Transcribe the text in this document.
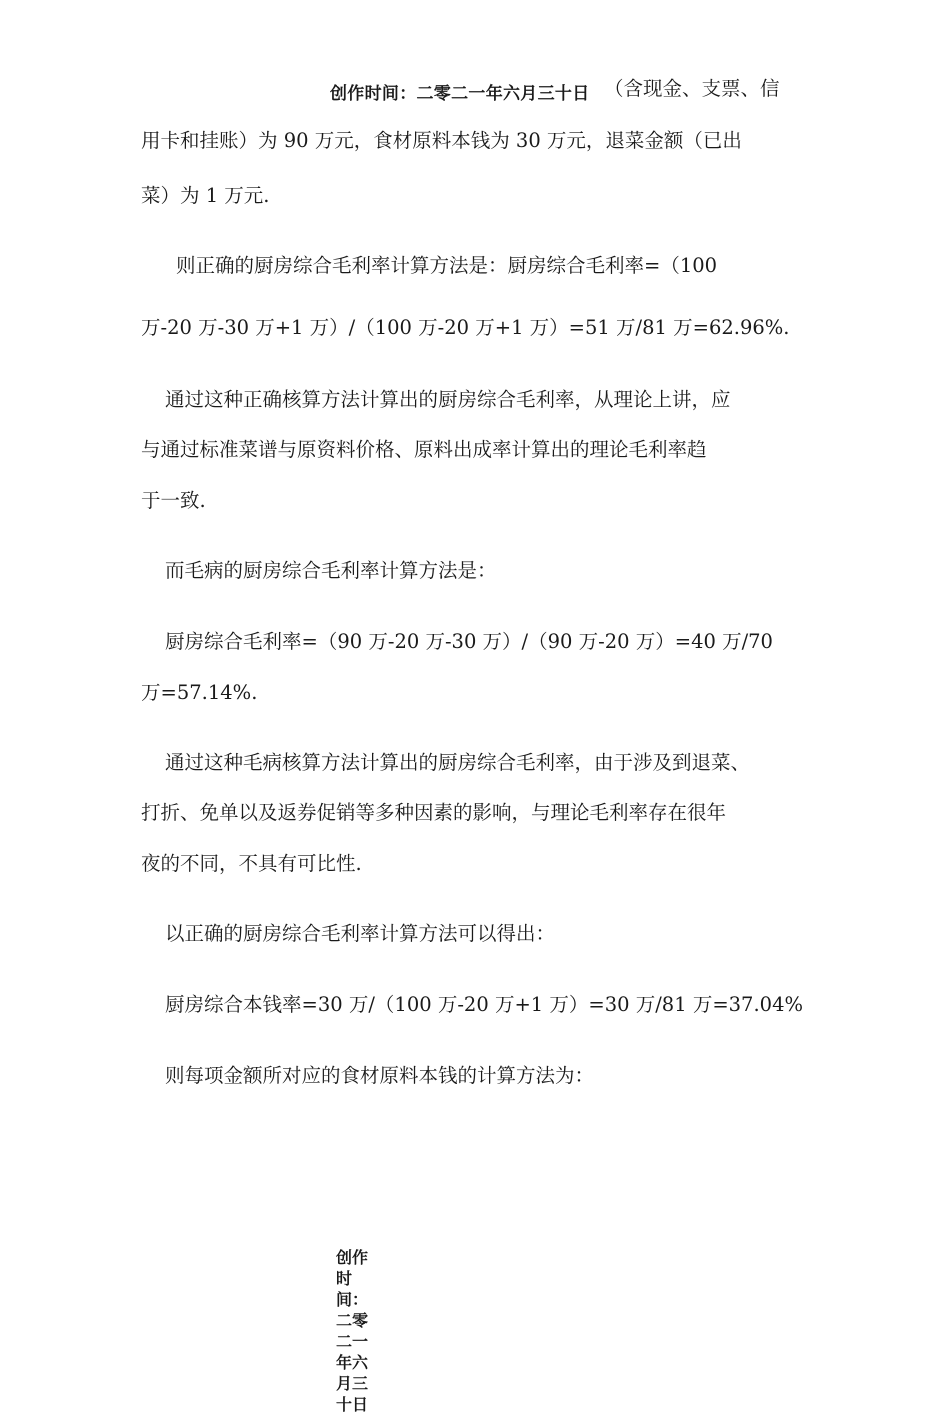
创作时间：二零二一年六月三十日 （含现金、支票、信
用卡和挂账）为 90 万元，食材原料本钱为 30 万元，退菜金额（已出
菜）为 1 万元.
则正确的厨房综合毛利率计算方法是：厨房综合毛利率=（100
万-20 万-30 万+1 万）/（100 万-20 万+1 万）=51 万/81 万=62.96%.
通过这种正确核算方法计算出的厨房综合毛利率，从理论上讲，应
与通过标准菜谱与原资料价格、原料出成率计算出的理论毛利率趋
于一致.
而毛病的厨房综合毛利率计算方法是：
厨房综合毛利率=（90 万-20 万-30 万）/（90 万-20 万）=40 万/70
万=57.14%.
通过这种毛病核算方法计算出的厨房综合毛利率，由于涉及到退菜、
打折、免单以及返券促销等多种因素的影响，与理论毛利率存在很年
夜的不同，不具有可比性.
以正确的厨房综合毛利率计算方法可以得出：
厨房综合本钱率=30 万/（100 万-20 万+1 万）=30 万/81 万=37.04%
则每项金额所对应的食材原料本钱的计算方法为：
创作时间：二零二一年六月三十日
